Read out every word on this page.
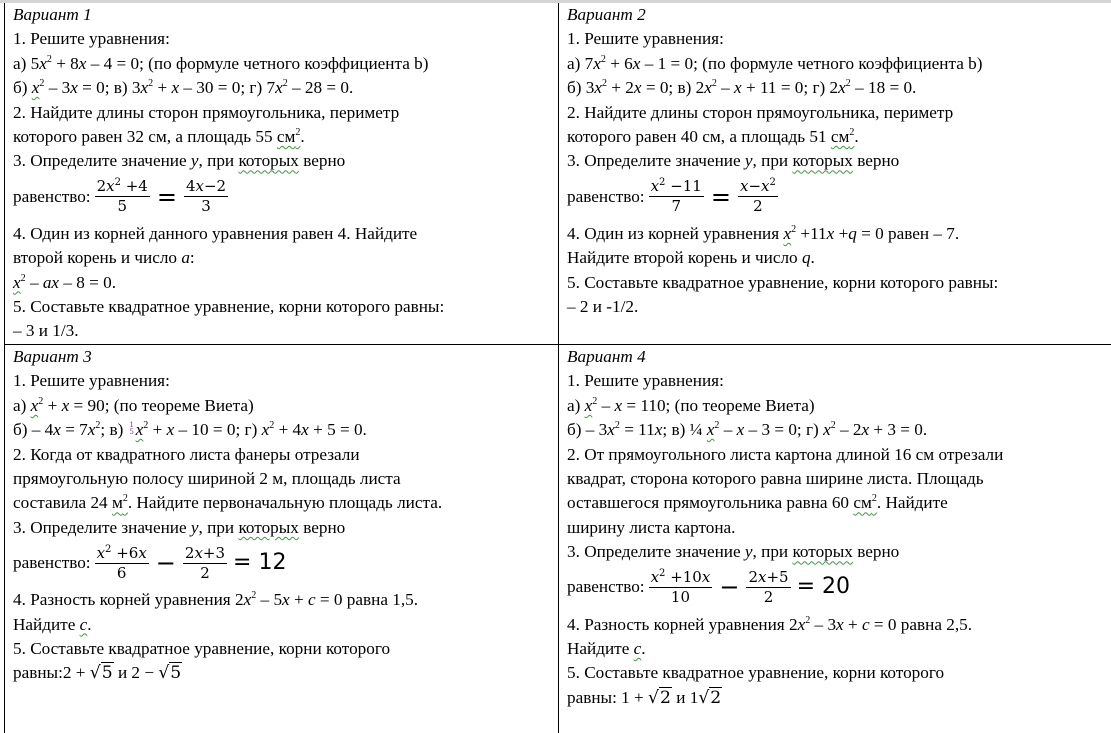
Вариант 1
1. Решите уравнения:
а) $5x^2 + 8x - 4 = 0$; (по формуле четного коэффициента b)
б) $x^2 - 3x = 0$; в) $3x^2 + x - 30 = 0$; г) $7x^2 - 28 = 0$.
2. Найдите длины сторон прямоугольника, периметр
которого равен 32 см, а площадь 55 $см^2$.
3. Определите значение y, при которых верно
равенство: $\frac{2x^2 +4}{5} = \frac{4x-2}{3}$
4. Один из корней данного уравнения равен 4. Найдите
второй корень и число a:
$x^2$ – ax – 8 = 0.
5. Составьте квадратное уравнение, корни которого равны:
– 3 и 1/3.
Вариант 2
1. Решите уравнения:
а) $7x^2 + 6x - 1 = 0$; (по формуле четного коэффициента b)
б) $3x^2 + 2x = 0$; в) $2x^2 - x + 11 = 0$; г) $2x^2 - 18 = 0$.
2. Найдите длины сторон прямоугольника, периметр
которого равен 40 см, а площадь 51 $см^2$.
3. Определите значение y, при которых верно
равенство: $\frac{x^2 -11}{7} = \frac{x-x^2}{2}$
4. Один из корней уравнения $x^2 +11x +q = 0$ равен – 7.
Найдите второй корень и число q.
5. Составьте квадратное уравнение, корни которого равны:
– 2 и -1/2.
Вариант 3
1. Решите уравнения:
а) $x^2 + x = 90$; (по теореме Виета)
$б) - 4x = 7x^2$; в) 1
5 $x^2 + x - 10 = 0$; г) $x^2 + 4x + 5 = 0$.
2. Когда от квадратного листа фанеры отрезали
прямоугольную полосу шириной 2 м, площадь листа
составила 24 $м^2$. Найдите первоначальную площадь листа.
3. Определите значение y, при которых верно
равенство: $\frac{x^2 +6x}{6} - \frac{2x+3}{2} = 12$
4. Разность корней уравнения $2x^2 - 5x + c = 0$ равна 1,5.
Найдите c.
5. Составьте квадратное уравнение, корни которого
равны:2 + √5 и 2 − √5
Вариант 4
1. Решите уравнения:
а) $x^2 - x = 110$; (по теореме Виета)
$б) - 3x^2 = 11x$; в) ¼ $x^2 - x - 3 = 0$; г) $x^2 - 2x + 3 = 0$.
2. От прямоугольного листа картона длиной 16 см отрезали
квадрат, сторона которого равна ширине листа. Площадь
оставшегося прямоугольника равна 60 $см^2$. Найдите
ширину листа картона.
3. Определите значение y, при которых верно
равенство: $\frac{x^2 +10x}{10} - \frac{2x+5}{2} = 20$
4. Разность корней уравнения $2x^2 - 3x + c = 0$ равна 2,5.
Найдите c.
5. Составьте квадратное уравнение, корни которого
равны: 1 + √2 и 1√2
